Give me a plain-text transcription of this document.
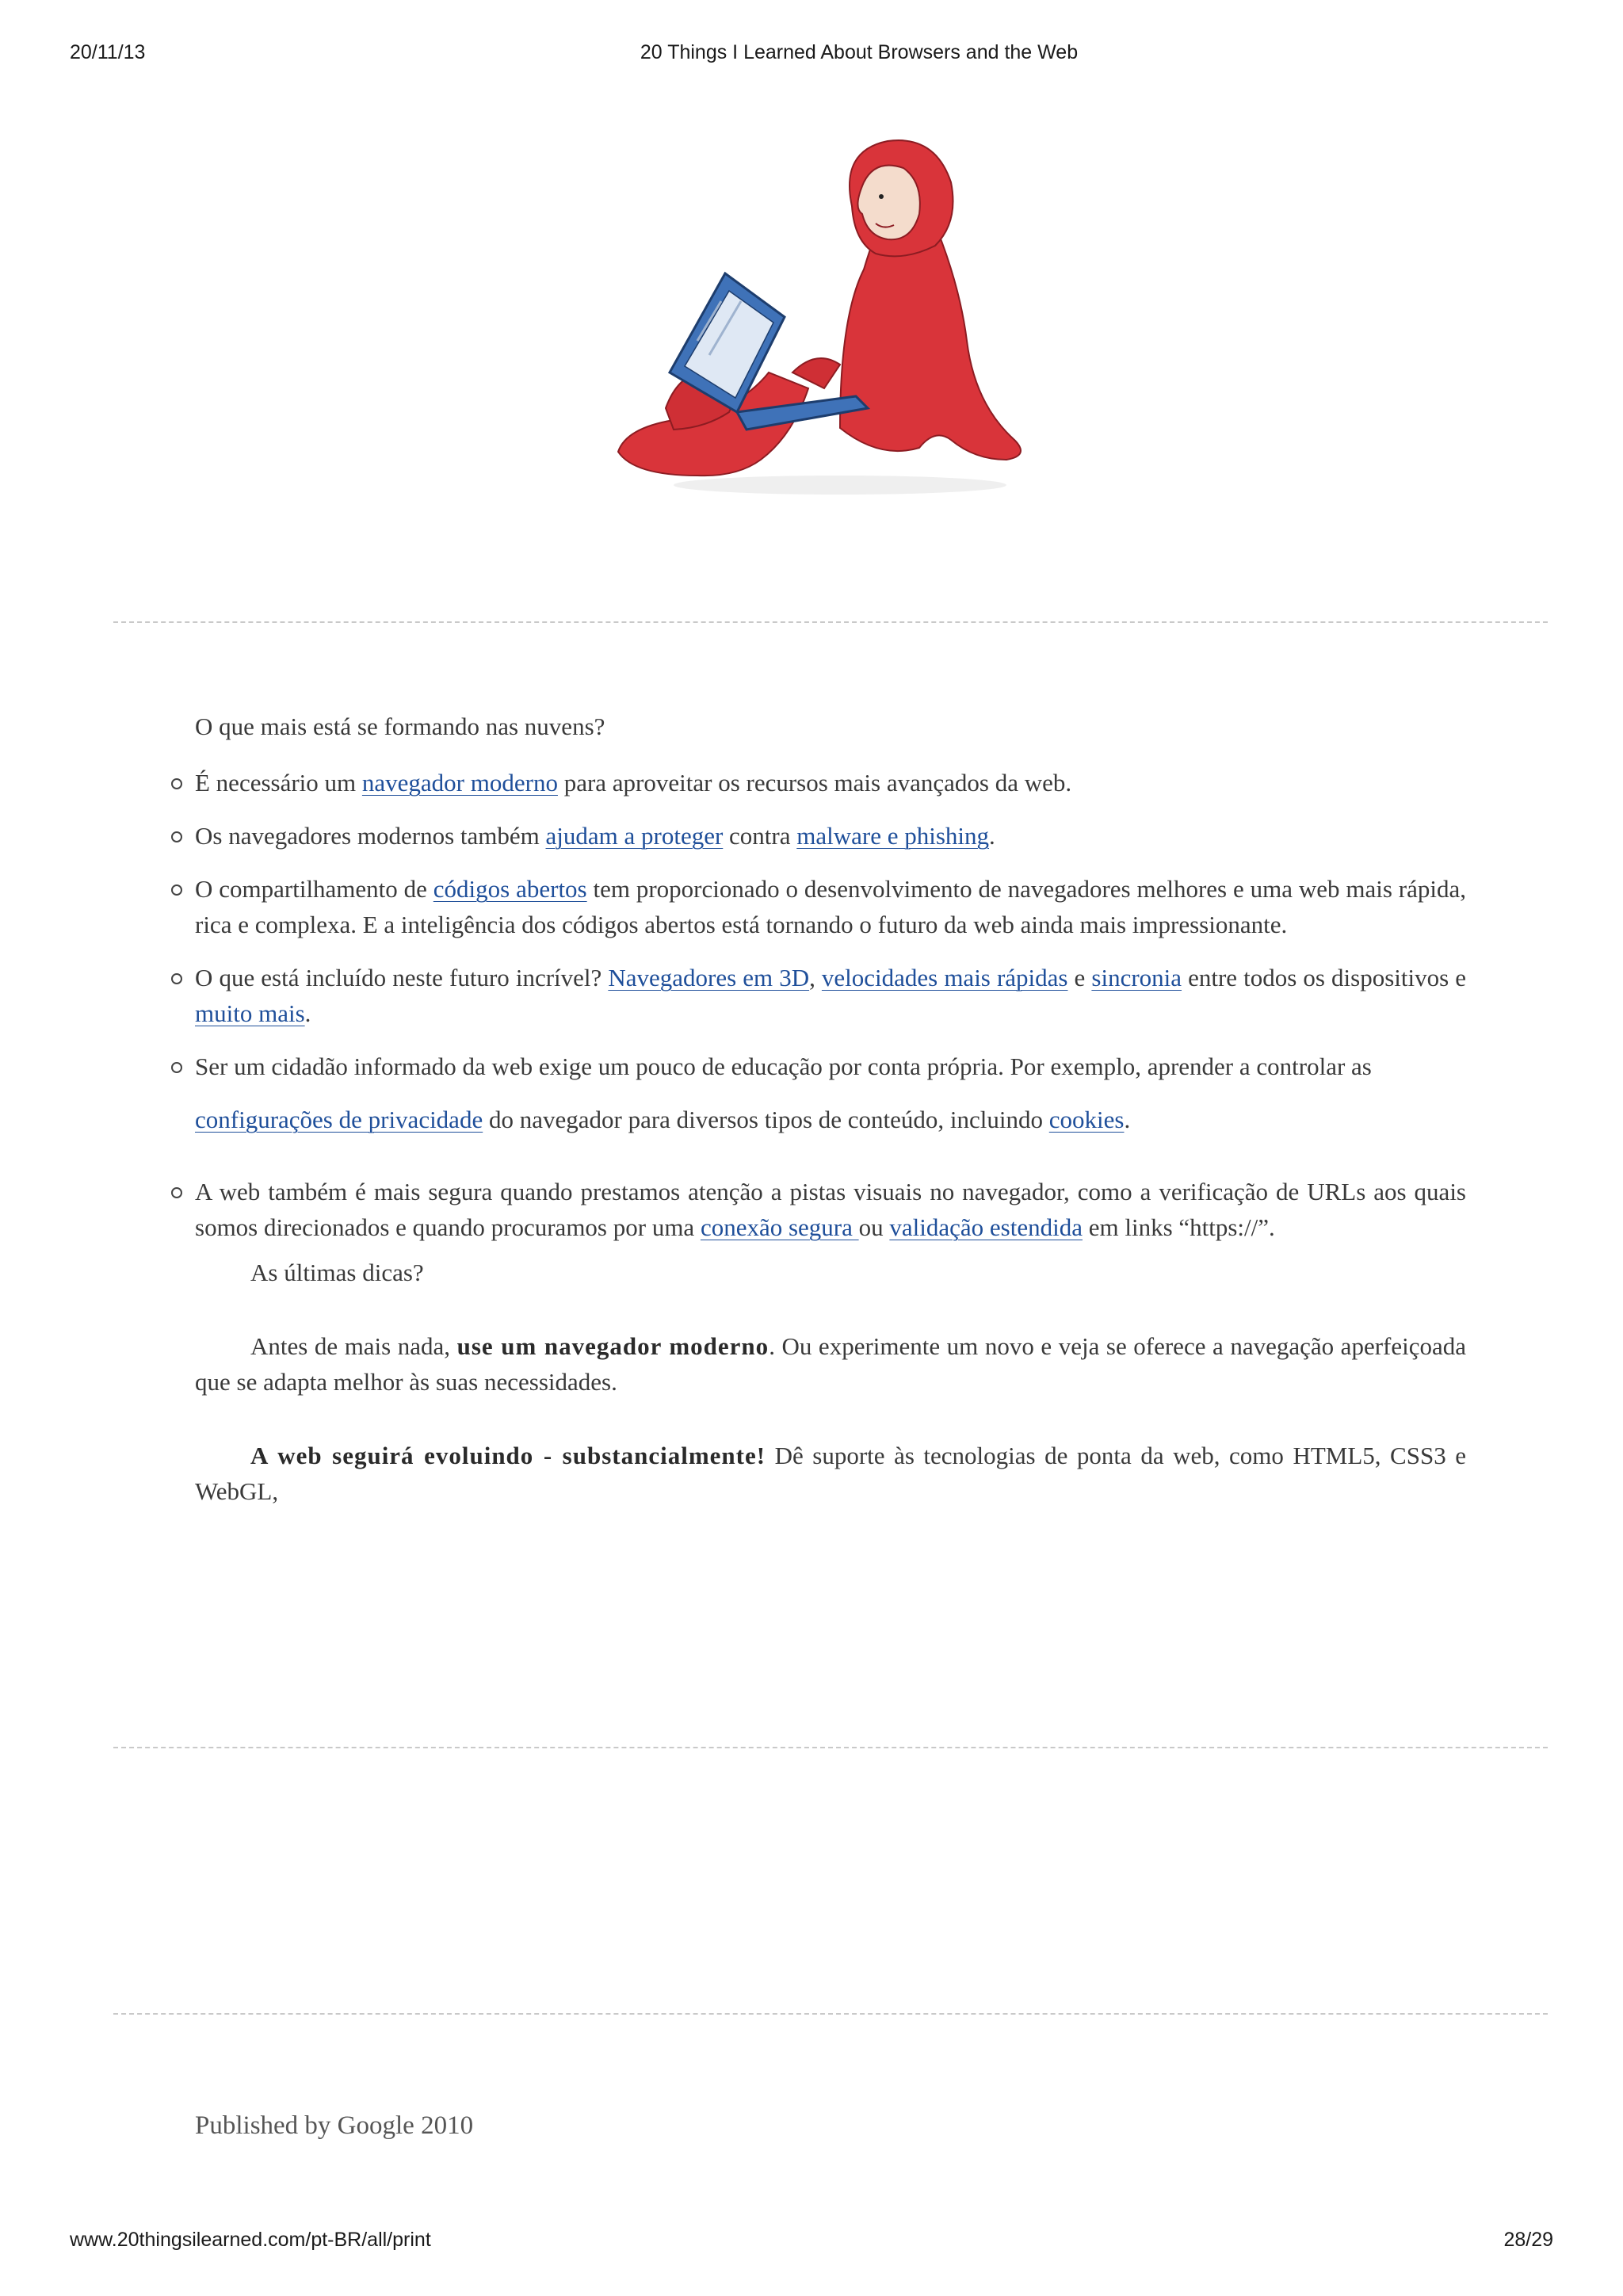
20/11/13	20 Things I Learned About Browsers and the Web

O que mais está se formando nas nuvens?

É necessário um navegador moderno para aproveitar os recursos mais avançados da web.
Os navegadores modernos também ajudam a proteger contra malware e phishing.
O compartilhamento de códigos abertos tem proporcionado o desenvolvimento de navegadores melhores e uma web mais rápida, rica e complexa. E a inteligência dos códigos abertos está tornando o futuro da web ainda mais impressionante.
O que está incluído neste futuro incrível? Navegadores em 3D, velocidades mais rápidas e sincronia entre todos os dispositivos e muito mais.
Ser um cidadão informado da web exige um pouco de educação por conta própria. Por exemplo, aprender a controlar as
configurações de privacidade do navegador para diversos tipos de conteúdo, incluindo cookies.
A web também é mais segura quando prestamos atenção a pistas visuais no navegador, como a verificação de URLs aos quais somos direcionados e quando procuramos por uma conexão segura ou validação estendida em links “https://”.

As últimas dicas?

Antes de mais nada, use um navegador moderno. Ou experimente um novo e veja se oferece a navegação aperfeiçoada que se adapta melhor às suas necessidades.

A web seguirá evoluindo - substancialmente! Dê suporte às tecnologias de ponta da web, como HTML5, CSS3 e WebGL,

Published by Google 2010

www.20thingsilearned.com/pt-BR/all/print	28/29
